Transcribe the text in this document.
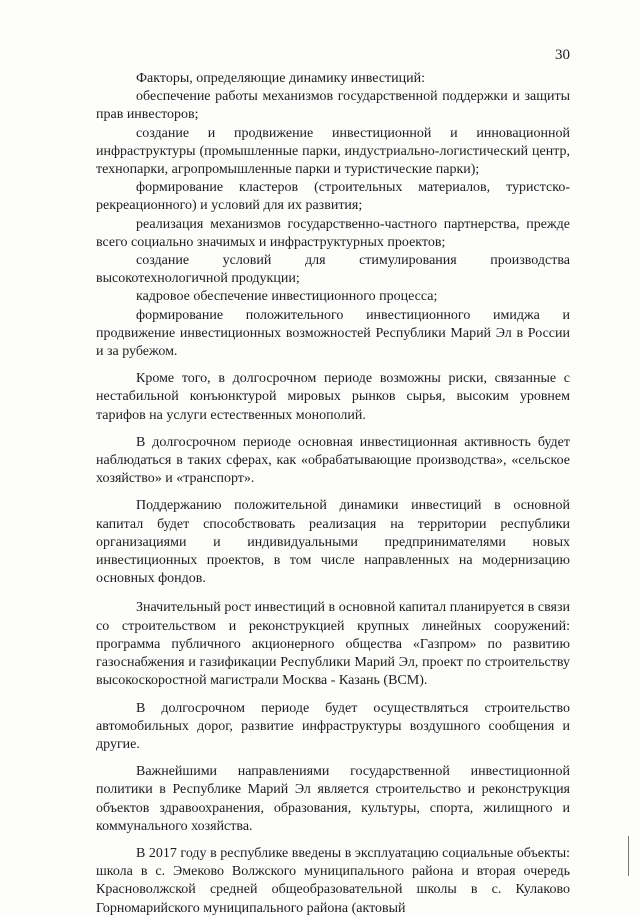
30

Факторы, определяющие динамику инвестиций:

обеспечение работы механизмов государственной поддержки и защиты прав инвесторов;

создание и продвижение инвестиционной и инновационной инфраструктуры (промышленные парки, индустриально-логистический центр, технопарки, агропромышленные парки и туристические парки);

формирование кластеров (строительных материалов, туристско-рекреационного) и условий для их развития;

реализация механизмов государственно-частного партнерства, прежде всего социально значимых и инфраструктурных проектов;

создание условий для стимулирования производства высокотехнологичной продукции;

кадровое обеспечение инвестиционного процесса;

формирование положительного инвестиционного имиджа и продвижение инвестиционных возможностей Республики Марий Эл в России и за рубежом.

Кроме того, в долгосрочном периоде возможны риски, связанные с нестабильной конъюнктурой мировых рынков сырья, высоким уровнем тарифов на услуги естественных монополий.

В долгосрочном периоде основная инвестиционная активность будет наблюдаться в таких сферах, как «обрабатывающие производства», «сельское хозяйство» и «транспорт».

Поддержанию положительной динамики инвестиций в основной капитал будет способствовать реализация на территории республики организациями и индивидуальными предпринимателями новых инвестиционных проектов, в том числе направленных на модернизацию основных фондов.

Значительный рост инвестиций в основной капитал планируется в связи со строительством и реконструкцией крупных линейных сооружений: программа публичного акционерного общества «Газпром» по развитию газоснабжения и газификации Республики Марий Эл, проект по строительству высокоскоростной магистрали Москва - Казань (ВСМ).

В долгосрочном периоде будет осуществляться строительство автомобильных дорог, развитие инфраструктуры воздушного сообщения и другие.

Важнейшими направлениями государственной инвестиционной политики в Республике Марий Эл является строительство и реконструкция объектов здравоохранения, образования, культуры, спорта, жилищного и коммунального хозяйства.

В 2017 году в республике введены в эксплуатацию социальные объекты: школа в с. Эмеково Волжского муниципального района и вторая очередь Красноволжской средней общеобразовательной школы в с. Кулаково Горномарийского муниципального района (актовый
